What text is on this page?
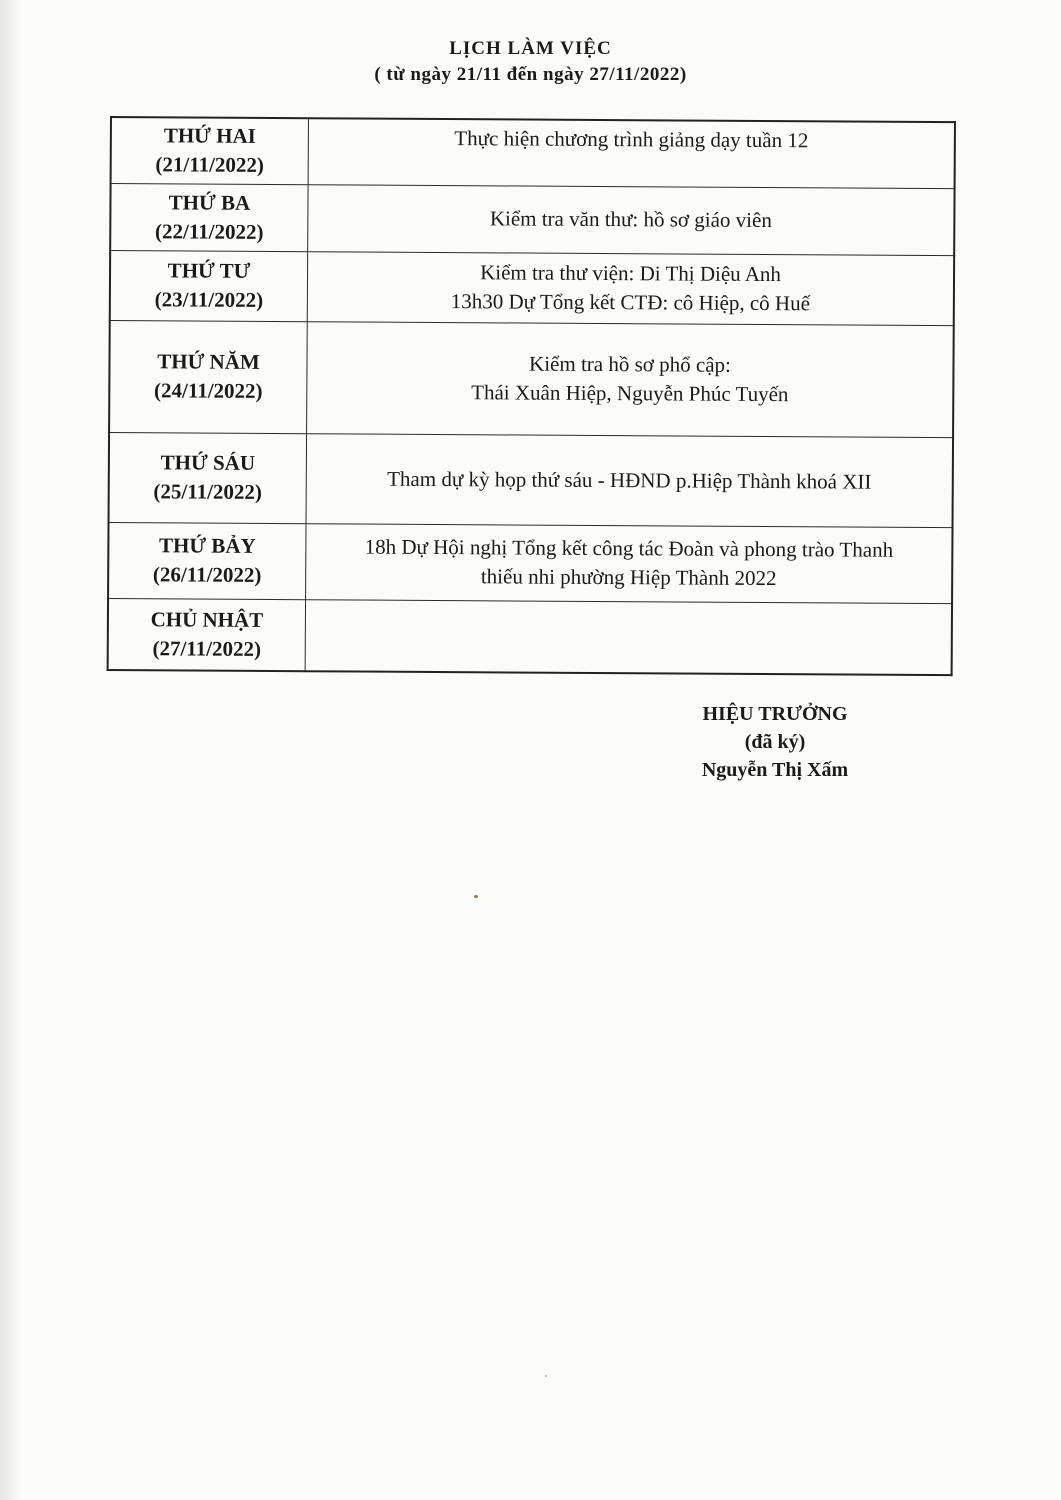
LỊCH LÀM VIỆC
( từ ngày 21/11 đến ngày 27/11/2022)
THỨ HAI
(21/11/2022)	Thực hiện chương trình giảng dạy tuần 12

THỨ BA
(22/11/2022)	Kiểm tra văn thư: hồ sơ giáo viên

THỨ TƯ
(23/11/2022)	Kiểm tra thư viện: Di Thị Diệu Anh
13h30 Dự Tổng kết CTĐ: cô Hiệp, cô Huế

THỨ NĂM
(24/11/2022)	Kiểm tra hồ sơ phổ cập:
Thái Xuân Hiệp, Nguyễn Phúc Tuyến

THỨ SÁU
(25/11/2022)	Tham dự kỳ họp thứ sáu - HĐND p.Hiệp Thành khoá XII

THỨ BẢY
(26/11/2022)	18h Dự Hội nghị Tổng kết công tác Đoàn và phong trào Thanh
thiếu nhi phường Hiệp Thành 2022

CHỦ NHẬT
(27/11/2022)	

HIỆU TRƯỞNG
(đã ký)
Nguyễn Thị Xấm
